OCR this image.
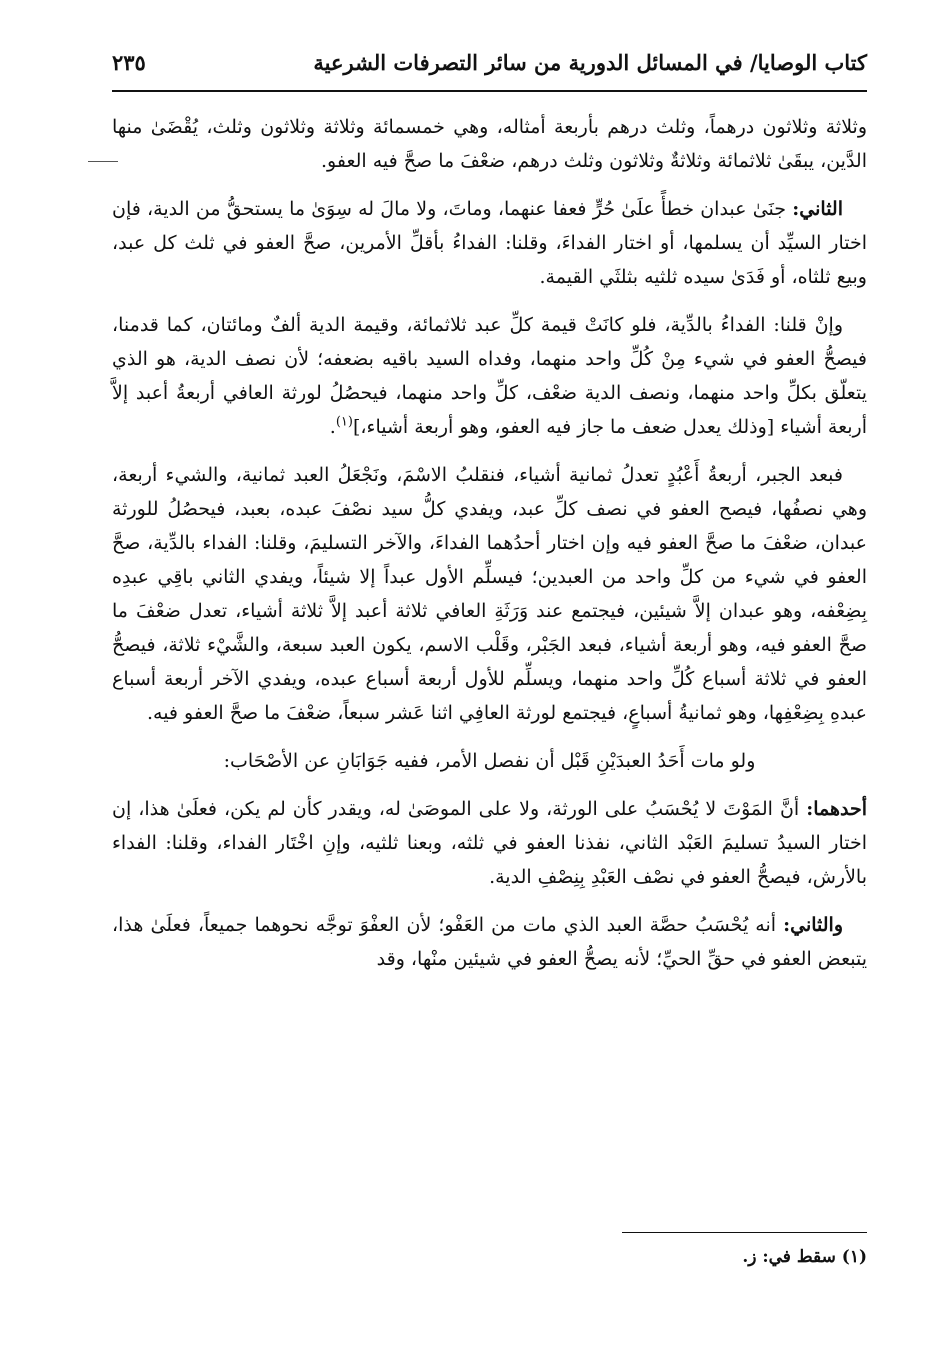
كتاب الوصايا/ في المسائل الدورية من سائر التصرفات الشرعية
٢٣٥

وثلاثة وثلاثون درهماً، وثلث درهم بأربعة أمثاله، وهي خمسمائة وثلاثة وثلاثون وثلث، يُقْضَىٰ منها الدَّين، يبقَىٰ ثلاثمائة وثلاثةٌ وثلاثون وثلث درهم، ضعْفَ ما صحَّ فيه العفو.

الثاني: جنَىٰ عبدان خطأً علَىٰ حُرٍّ فعفا عنهما، وماتَ، ولا مالَ له سِوَىٰ ما يستحقُّ من الدية، فإن اختار السيِّد أن يسلمها، أو اختار الفداءَ، وقلنا: الفداءُ بأقلِّ الأمرين، صحَّ العفو في ثلث كل عبد، وبيع ثلثاه، أو فَدَىٰ سيده ثلثيه بثلثَي القيمة.

وإنْ قلنا: الفداءُ بالدِّية، فلو كانَتْ قيمة كلِّ عبد ثلاثمائة، وقيمة الدية ألفٌ ومائتان، كما قدمنا، فيصحُّ العفو في شيء مِنْ كُلِّ واحد منهما، وفداه السيد باقيه بضعفه؛ لأن نصف الدية، هو الذي يتعلّق بكلِّ واحد منهما، ونصف الدية ضعْف، كلِّ واحد منهما، فيحصُلُ لورثة العافي أربعةُ أعبد إلاَّ أربعة أشياء [وذلك يعدل ضعف ما جاز فيه العفو، وهو أربعة أشياء،]$^{(١)}$.

فبعد الجبر، أربعةُ أَعْبُدٍ تعدلُ ثمانية أشياء، فنقلبُ الاسْمَ، ونَجْعَلُ العبد ثمانية، والشيء أربعة، وهي نصفُها، فيصح العفو في نصف كلِّ عبد، ويفدي كلُّ سيد نصْفَ عبده، بعبد، فيحصُلُ للورثة عبدان، ضعْفَ ما صحَّ العفو فيه وإن اختار أحدُهما الفداءَ، والآخر التسليمَ، وقلنا: الفداء بالدِّية، صحَّ العفو في شيء من كلِّ واحد من العبدين؛ فيسلِّم الأول عبداً إلا شيئاً، ويفدي الثاني باقِي عبدِه بِضِعْفه، وهو عبدان إلاَّ شيئين، فيجتمع عند وَرَثَةِ العافي ثلاثة أعبد إلاَّ ثلاثة أشياء، تعدل ضعْفَ ما صحَّ العفو فيه، وهو أربعة أشياء، فبعد الجَبْر، وقَلْب الاسم، يكون العبد سبعة، والشَّيْء ثلاثة، فيصحُّ العفو في ثلاثة أسباع كُلِّ واحد منهما، ويسلِّم للأول أربعة أسباع عبده، ويفدي الآخر أربعة أسباع عبدهِ بِضِعْفِها، وهو ثمانيةُ أسباعٍ، فيجتمع لورثة العافِي اثنا عَشر سبعاً، ضعْفَ ما صحَّ العفو فيه.

ولو مات أَحَدُ العبدَيْنِ قَبْل أن نفصل الأمر، ففيه جَوَابَانِ عن الأصْحَاب:

أحدهما: أنَّ المَوْتَ لا يُحْسَبُ على الورثة، ولا على الموصَىٰ له، ويقدر كأن لم يكن، فعلَىٰ هذا، إن اختار السيدُ تسليمَ العَبْد الثاني، نفذنا العفو في ثلثه، وبعنا ثلثيه، وإنِ اخْتَار الفداء، وقلنا: الفداء بالأرش، فيصحُّ العفو في نصْف العَبْدِ بِنِصْفِ الدية.

والثاني: أنه يُحْسَبُ حصَّة العبد الذي مات من العَفْو؛ لأن العفْوَ توجَّه نحوهما جميعاً، فعلَىٰ هذا، يتبعض العفو في حقِّ الحيِّ؛ لأنه يصحُّ العفو في شيئين منْها، وقد

(١) سقط في: ز.
